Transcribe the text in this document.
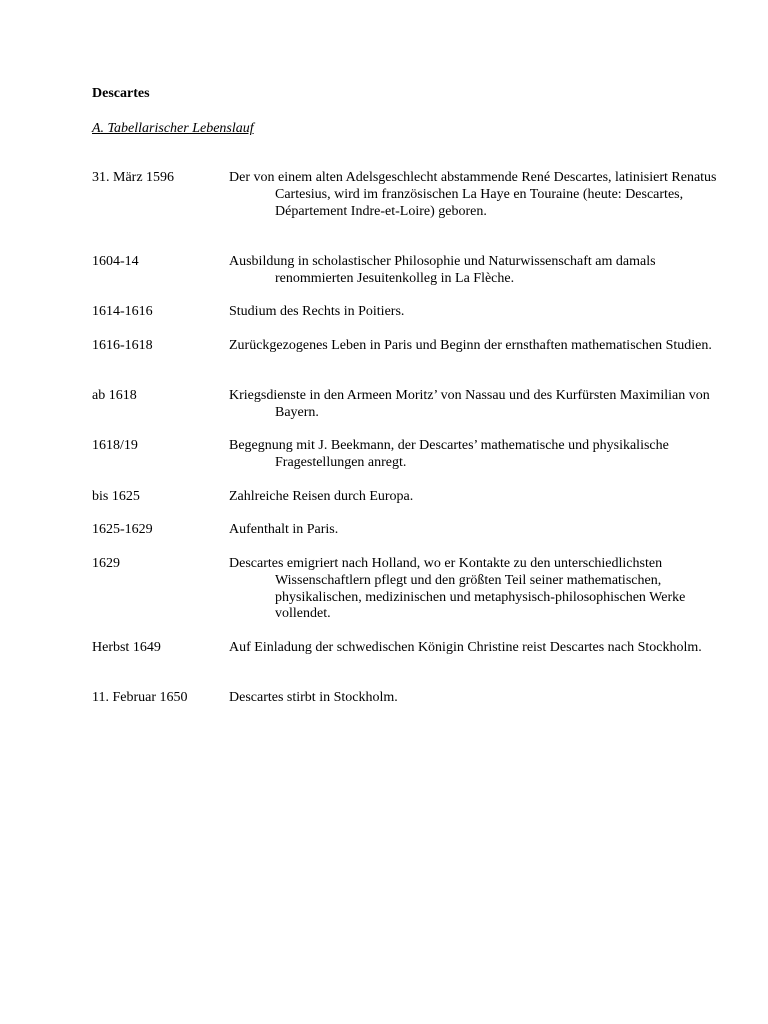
Descartes
A. Tabellarischer Lebenslauf
31. März 1596	Der von einem alten Adelsgeschlecht abstammende René Descartes, latinisiert Renatus Cartesius, wird im französischen La Haye en Touraine (heute: Descartes, Département Indre-et-Loire) geboren.
1604-14	Ausbildung in scholastischer Philosophie und Naturwissenschaft am damals renommierten Jesuitenkolleg in La Flèche.
1614-1616	Studium des Rechts in Poitiers.
1616-1618	Zurückgezogenes Leben in Paris und Beginn der ernsthaften mathematischen Studien.
ab 1618	Kriegsdienste in den Armeen Moritz’ von Nassau und des Kurfürsten Maximilian von Bayern.
1618/19	Begegnung mit J. Beekmann, der Descartes’ mathematische und physikalische Fragestellungen anregt.
bis 1625	Zahlreiche Reisen durch Europa.
1625-1629	Aufenthalt in Paris.
1629	Descartes emigriert nach Holland, wo er Kontakte zu den unterschiedlichsten Wissenschaftlern pflegt und den größten Teil seiner mathematischen, physikalischen, medizinischen und metaphysisch-philosophischen Werke vollendet.
Herbst 1649	Auf Einladung der schwedischen Königin Christine reist Descartes nach Stockholm.
11. Februar 1650	Descartes stirbt in Stockholm.
